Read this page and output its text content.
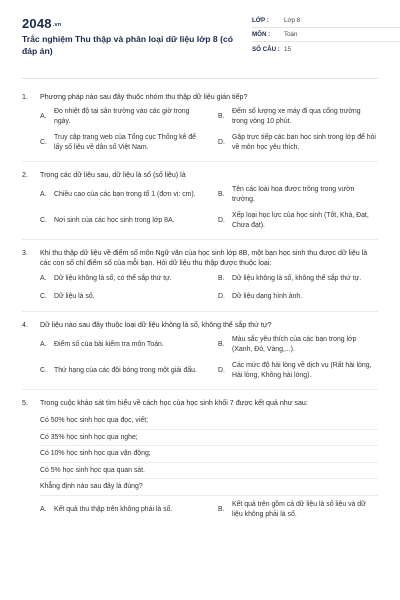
2048.vn
Trắc nghiệm Thu thập và phân loại dữ liệu lớp 8 (có đáp án)
LỚP :	Lớp 8
MÔN :	Toán
SỐ CÂU : 15
1.	Phương pháp nào sau đây thuộc nhóm thu thập dữ liệu gián tiếp?
A.
Đo nhiệt độ tại sân trường vào các giờ trong ngày.
B.
Đếm số lượng xe máy đi qua cổng trường trong vòng 10 phút.
C.
Truy cập trang web của Tổng cục Thống kê để lấy số liệu về dân số Việt Nam.
D.
Gặp trực tiếp các bạn học sinh trong lớp để hỏi về môn học yêu thích.
2.	Trong các dữ liệu sau, dữ liệu là số (số liệu) là
A.	Chiều cao của các bạn trong tổ 1 (đơn vị: cm).	B.
Tên các loài hoa được trồng trong vườn trường.
C.	Nơi sinh của các học sinh trong lớp 8A.	D.
Xếp loại học lực của học sinh (Tốt, Khá, Đạt, Chưa đạt).
3.	Khi thu thập dữ liệu về điểm số môn Ngữ văn của học sinh lớp 8B, một bạn học sinh thu được dữ liệu là các con số chỉ điểm số của mỗi bạn. Hỏi dữ liệu thu thập được thuộc loại:
A.	Dữ liệu không là số, có thể sắp thứ tự.	B.	Dữ liệu không là số, không thể sắp thứ tự.
C.	Dữ liệu là số.	D.	Dữ liệu dạng hình ảnh.
4.	Dữ liệu nào sau đây thuộc loại dữ liệu không là số, không thể sắp thứ tự?
A.	Điểm số của bài kiểm tra môn Toán.	B.
Màu sắc yêu thích của các bạn trong lớp (Xanh, Đỏ, Vàng,...).
C.	Thứ hạng của các đội bóng trong một giải đấu.	D.
Các mức độ hài lòng về dịch vụ (Rất hài lòng, Hài lòng, Không hài lòng).
5.	Trong cuộc khảo sát tìm hiểu về cách học của học sinh khối 7 được kết quả như sau:
Có 50% học sinh học qua đọc, viết;
Có 35% học sinh học qua nghe;
Có 10% học sinh học qua vận động;
Có 5% học sinh học qua quan sát.
Khẳng định nào sau đây là đúng?
A.	Kết quả thu thập trên không phải là số.	B.
Kết quả trên gồm cả dữ liệu là số liệu và dữ liệu không phải là số.
